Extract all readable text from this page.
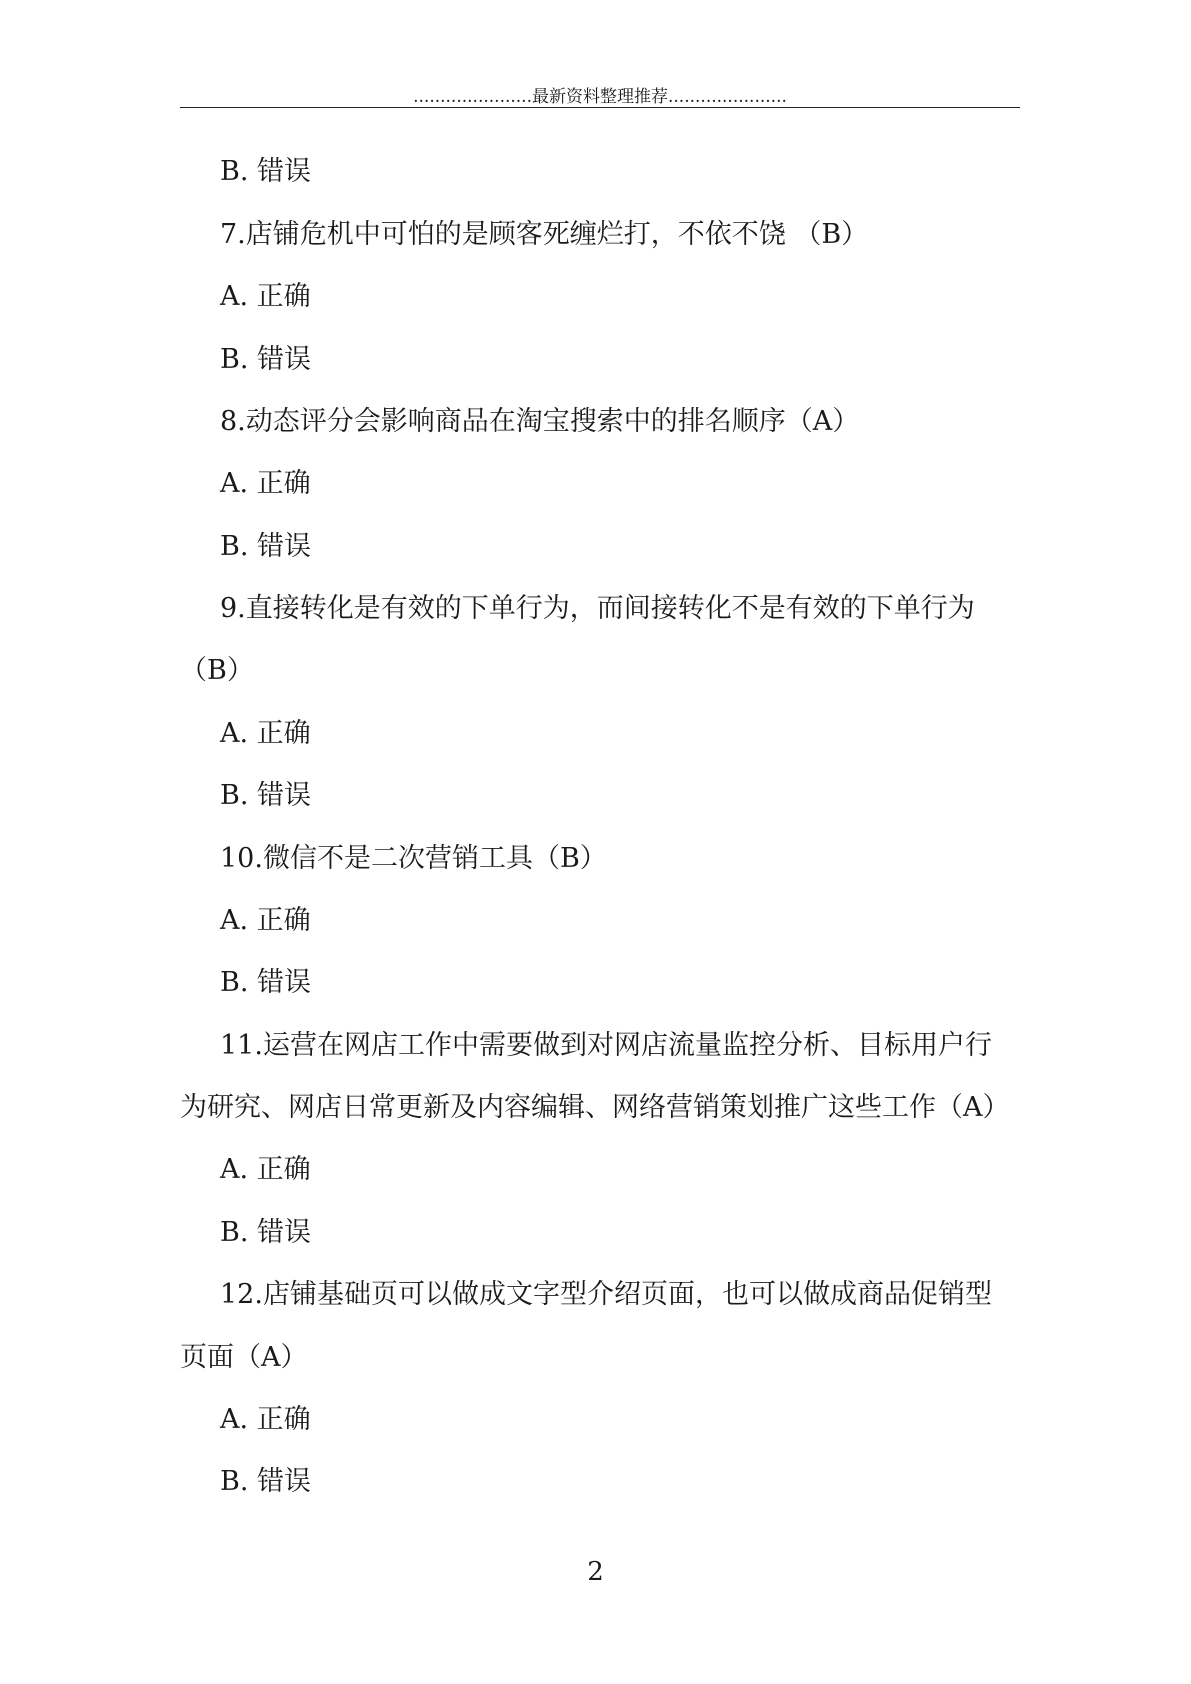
......................最新资料整理推荐......................
B. 错误
7.店铺危机中可怕的是顾客死缠烂打，不依不饶 （B）
A. 正确
B. 错误
8.动态评分会影响商品在淘宝搜索中的排名顺序（A）
A. 正确
B. 错误
9.直接转化是有效的下单行为，而间接转化不是有效的下单行为
（B）
A. 正确
B. 错误
10.微信不是二次营销工具（B）
A. 正确
B. 错误
11.运营在网店工作中需要做到对网店流量监控分析、目标用户行
为研究、网店日常更新及内容编辑、网络营销策划推广这些工作（A）
A. 正确
B. 错误
12.店铺基础页可以做成文字型介绍页面，也可以做成商品促销型
页面（A）
A. 正确
B. 错误
2
